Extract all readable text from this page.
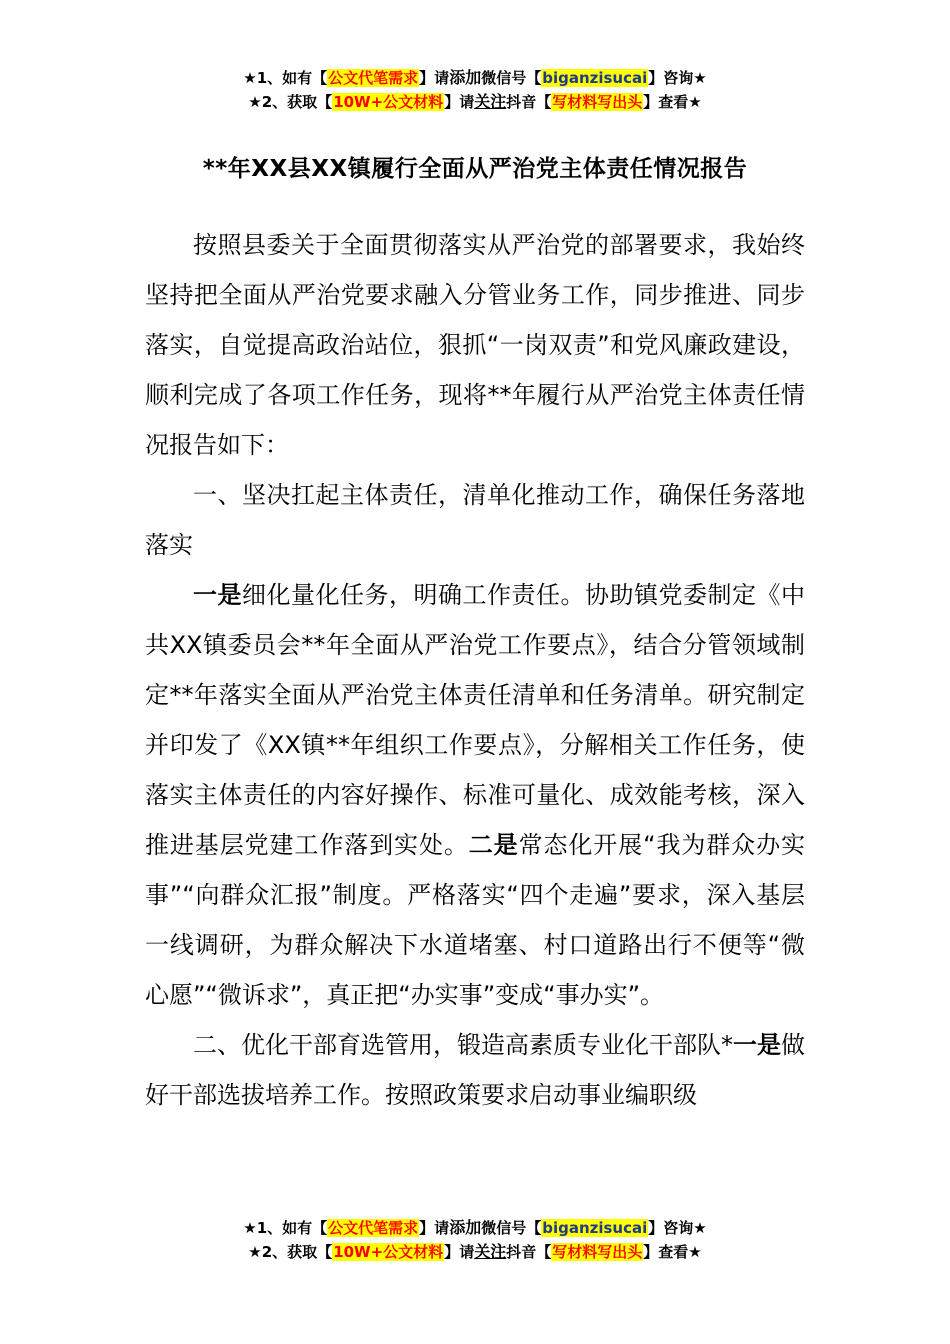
★1、如有【公文代笔需求】请添加微信号【biganzisucai】咨询★
★2、获取【10W+公文材料】请关注抖音【写材料写出头】查看★
**年XX县XX镇履行全面从严治党主体责任情况报告

按照县委关于全面贯彻落实从严治党的部署要求，我始终坚持把全面从严治党要求融入分管业务工作，同步推进、同步落实，自觉提高政治站位，狠抓“一岗双责”和党风廉政建设，顺利完成了各项工作任务，现将**年履行从严治党主体责任情况报告如下：

一、坚决扛起主体责任，清单化推动工作，确保任务落地落实

一是细化量化任务，明确工作责任。协助镇党委制定《中共XX镇委员会**年全面从严治党工作要点》，结合分管领域制定**年落实全面从严治党主体责任清单和任务清单。研究制定并印发了《XX镇**年组织工作要点》，分解相关工作任务，使落实主体责任的内容好操作、标准可量化、成效能考核，深入推进基层党建工作落到实处。二是常态化开展“我为群众办实事”“向群众汇报”制度。严格落实“四个走遍”要求，深入基层一线调研，为群众解决下水道堵塞、村口道路出行不便等“微心愿”“微诉求”，真正把“办实事”变成“事办实”。

二、优化干部育选管用，锻造高素质专业化干部队*一是做好干部选拔培养工作。按照政策要求启动事业编职级

★1、如有【公文代笔需求】请添加微信号【biganzisucai】咨询★
★2、获取【10W+公文材料】请关注抖音【写材料写出头】查看★
